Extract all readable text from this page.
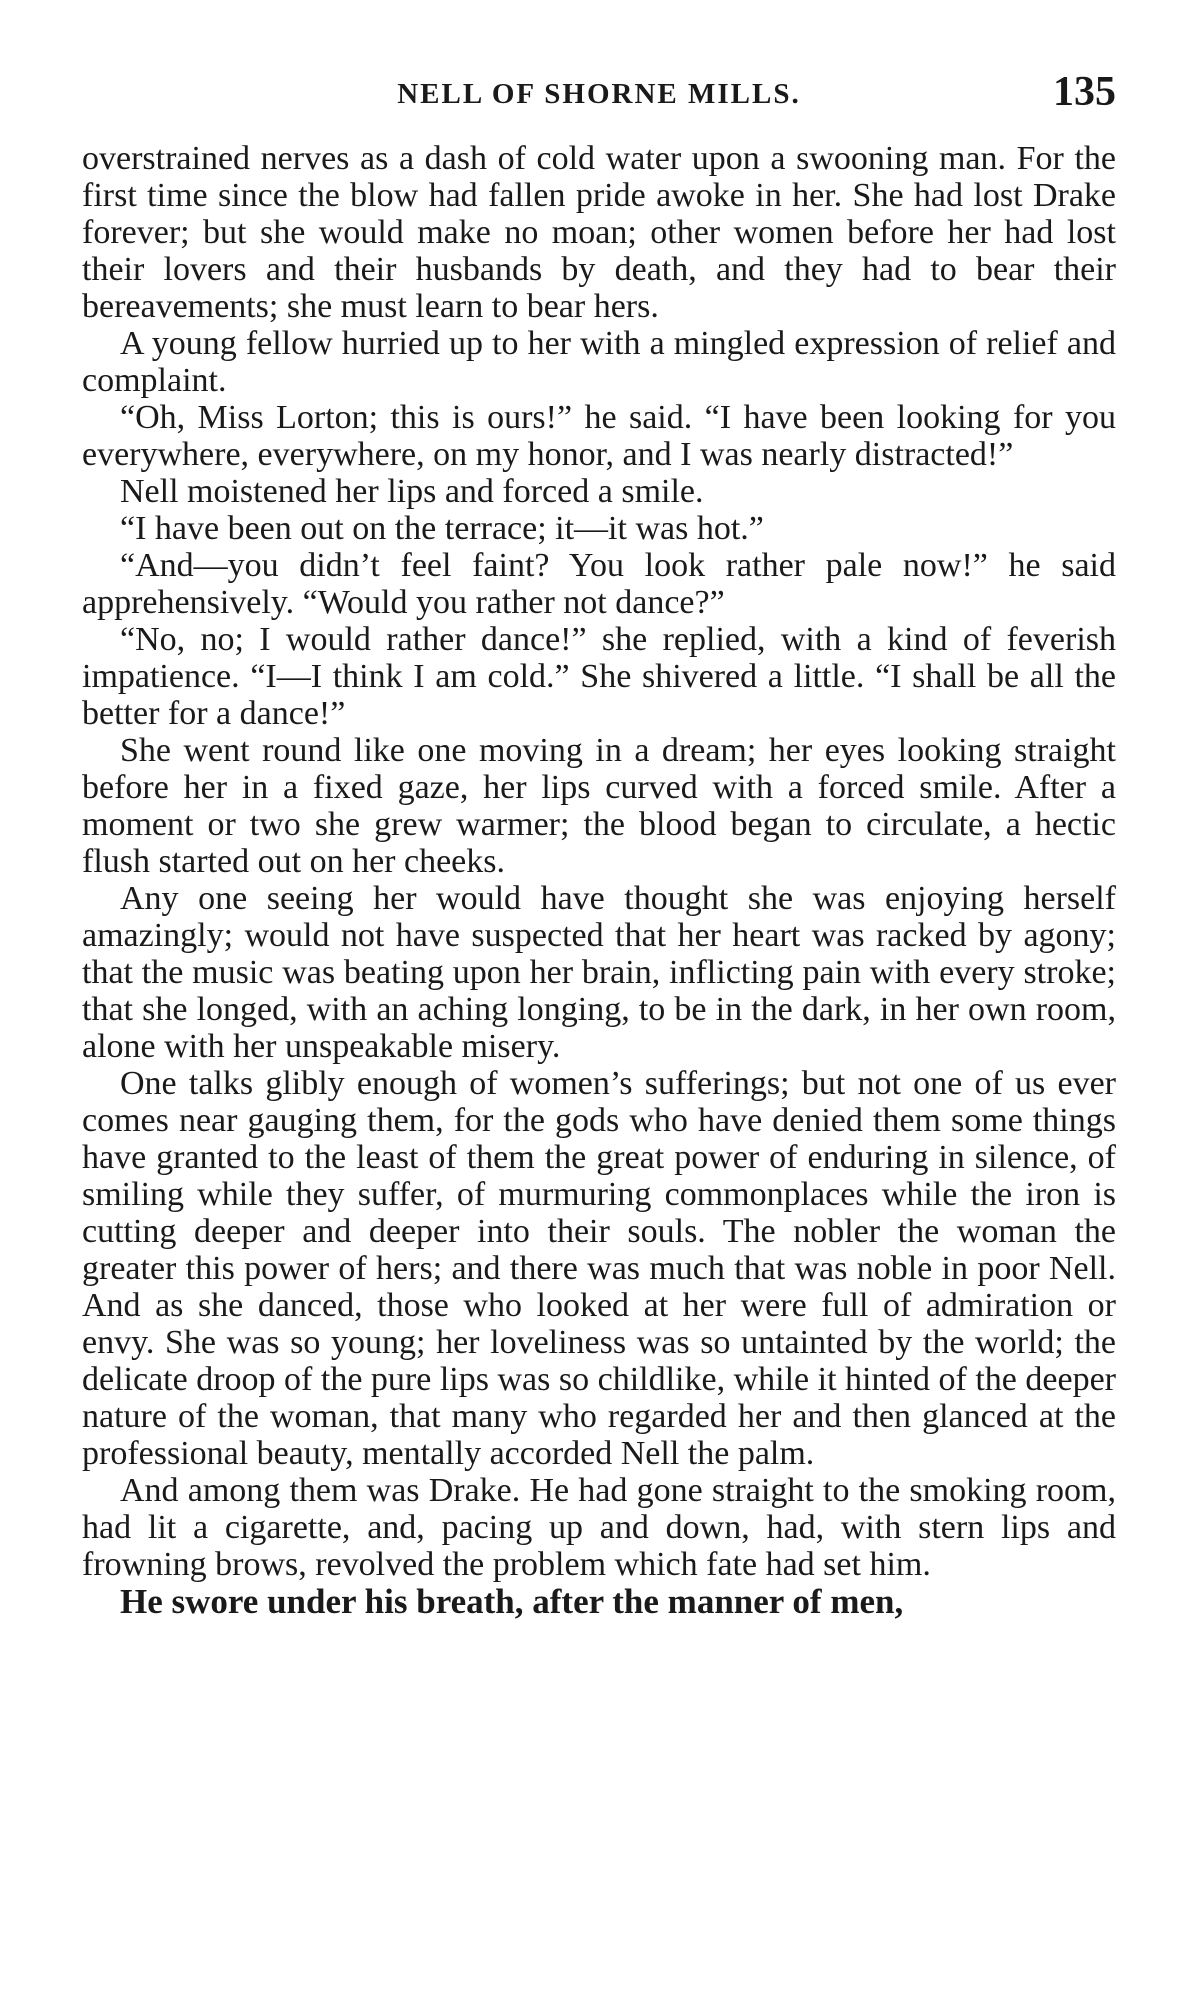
NELL OF SHORNE MILLS.	135

overstrained nerves as a dash of cold water upon a swooning man. For the first time since the blow had fallen pride awoke in her. She had lost Drake forever; but she would make no moan; other women before her had lost their lovers and their husbands by death, and they had to bear their bereavements; she must learn to bear hers.

A young fellow hurried up to her with a mingled expression of relief and complaint.

“Oh, Miss Lorton; this is ours!” he said. “I have been looking for you everywhere, everywhere, on my honor, and I was nearly distracted!”

Nell moistened her lips and forced a smile.

“I have been out on the terrace; it—it was hot.”

“And—you didn’t feel faint? You look rather pale now!” he said apprehensively. “Would you rather not dance?”

“No, no; I would rather dance!” she replied, with a kind of feverish impatience. “I—I think I am cold.” She shivered a little. “I shall be all the better for a dance!”

She went round like one moving in a dream; her eyes looking straight before her in a fixed gaze, her lips curved with a forced smile. After a moment or two she grew warmer; the blood began to circulate, a hectic flush started out on her cheeks.

Any one seeing her would have thought she was enjoying herself amazingly; would not have suspected that her heart was racked by agony; that the music was beating upon her brain, inflicting pain with every stroke; that she longed, with an aching longing, to be in the dark, in her own room, alone with her unspeakable misery.

One talks glibly enough of women’s sufferings; but not one of us ever comes near gauging them, for the gods who have denied them some things have granted to the least of them the great power of enduring in silence, of smiling while they suffer, of murmuring commonplaces while the iron is cutting deeper and deeper into their souls. The nobler the woman the greater this power of hers; and there was much that was noble in poor Nell. And as she danced, those who looked at her were full of admiration or envy. She was so young; her loveliness was so untainted by the world; the delicate droop of the pure lips was so childlike, while it hinted of the deeper nature of the woman, that many who regarded her and then glanced at the professional beauty, mentally accorded Nell the palm.

And among them was Drake. He had gone straight to the smoking room, had lit a cigarette, and, pacing up and down, had, with stern lips and frowning brows, revolved the problem which fate had set him.

He swore under his breath, after the manner of men,
